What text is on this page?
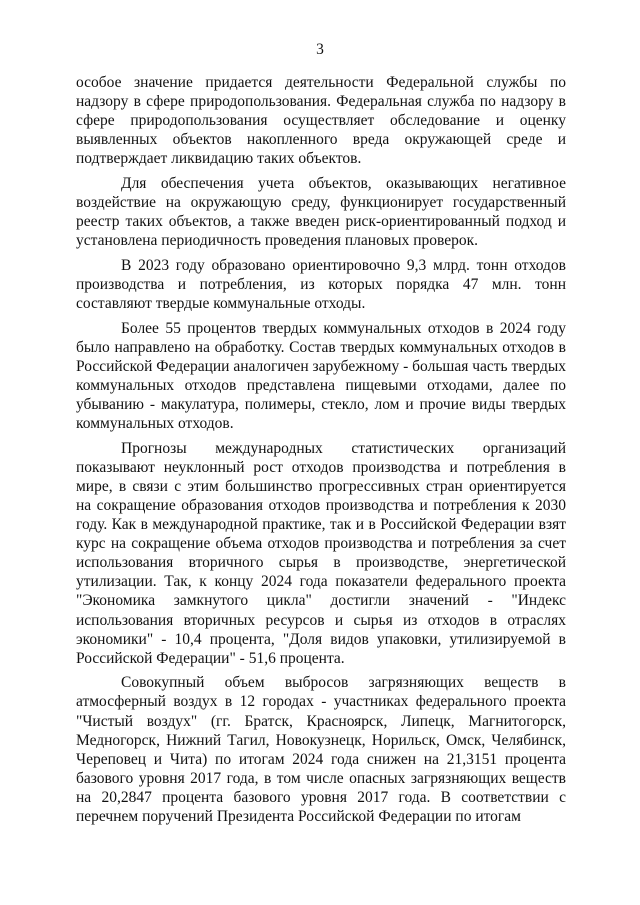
3

особое значение придается деятельности Федеральной службы по надзору в сфере природопользования. Федеральная служба по надзору в сфере природопользования осуществляет обследование и оценку выявленных объектов накопленного вреда окружающей среде и подтверждает ликвидацию таких объектов.

Для обеспечения учета объектов, оказывающих негативное воздействие на окружающую среду, функционирует государственный реестр таких объектов, а также введен риск-ориентированный подход и установлена периодичность проведения плановых проверок.

В 2023 году образовано ориентировочно 9,3 млрд. тонн отходов производства и потребления, из которых порядка 47 млн. тонн составляют твердые коммунальные отходы.

Более 55 процентов твердых коммунальных отходов в 2024 году было направлено на обработку. Состав твердых коммунальных отходов в Российской Федерации аналогичен зарубежному - большая часть твердых коммунальных отходов представлена пищевыми отходами, далее по убыванию - макулатура, полимеры, стекло, лом и прочие виды твердых коммунальных отходов.

Прогнозы международных статистических организаций показывают неуклонный рост отходов производства и потребления в мире, в связи с этим большинство прогрессивных стран ориентируется на сокращение образования отходов производства и потребления к 2030 году. Как в международной практике, так и в Российской Федерации взят курс на сокращение объема отходов производства и потребления за счет использования вторичного сырья в производстве, энергетической утилизации. Так, к концу 2024 года показатели федерального проекта "Экономика замкнутого цикла" достигли значений - "Индекс использования вторичных ресурсов и сырья из отходов в отраслях экономики" - 10,4 процента, "Доля видов упаковки, утилизируемой в Российской Федерации" - 51,6 процента.

Совокупный объем выбросов загрязняющих веществ в атмосферный воздух в 12 городах - участниках федерального проекта "Чистый воздух" (гг. Братск, Красноярск, Липецк, Магнитогорск, Медногорск, Нижний Тагил, Новокузнецк, Норильск, Омск, Челябинск, Череповец и Чита) по итогам 2024 года снижен на 21,3151 процента базового уровня 2017 года, в том числе опасных загрязняющих веществ на 20,2847 процента базового уровня 2017 года. В соответствии с перечнем поручений Президента Российской Федерации по итогам
